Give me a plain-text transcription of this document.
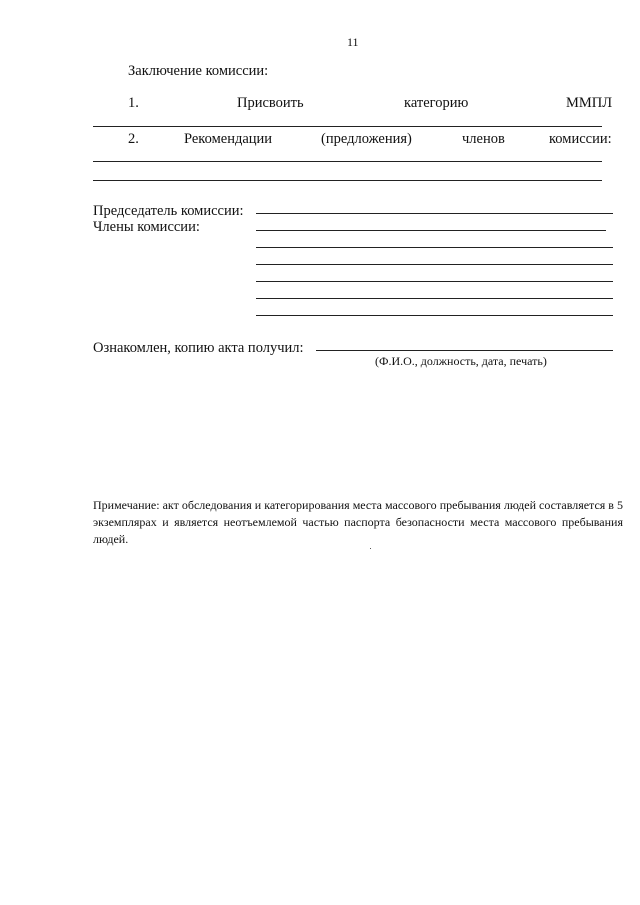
11
Заключение комиссии:
1.	Присвоить	категорию	ММПЛ
2.	Рекомендации	(предложения)	членов	комиссии:
Председатель комиссии:
Члены комиссии:
Ознакомлен, копию акта получил:
(Ф.И.О., должность, дата, печать)
Примечание: акт обследования и категорирования места массового пребывания людей составляется в 5 экземплярах и является неотъемлемой частью паспорта безопасности места массового пребывания людей.
